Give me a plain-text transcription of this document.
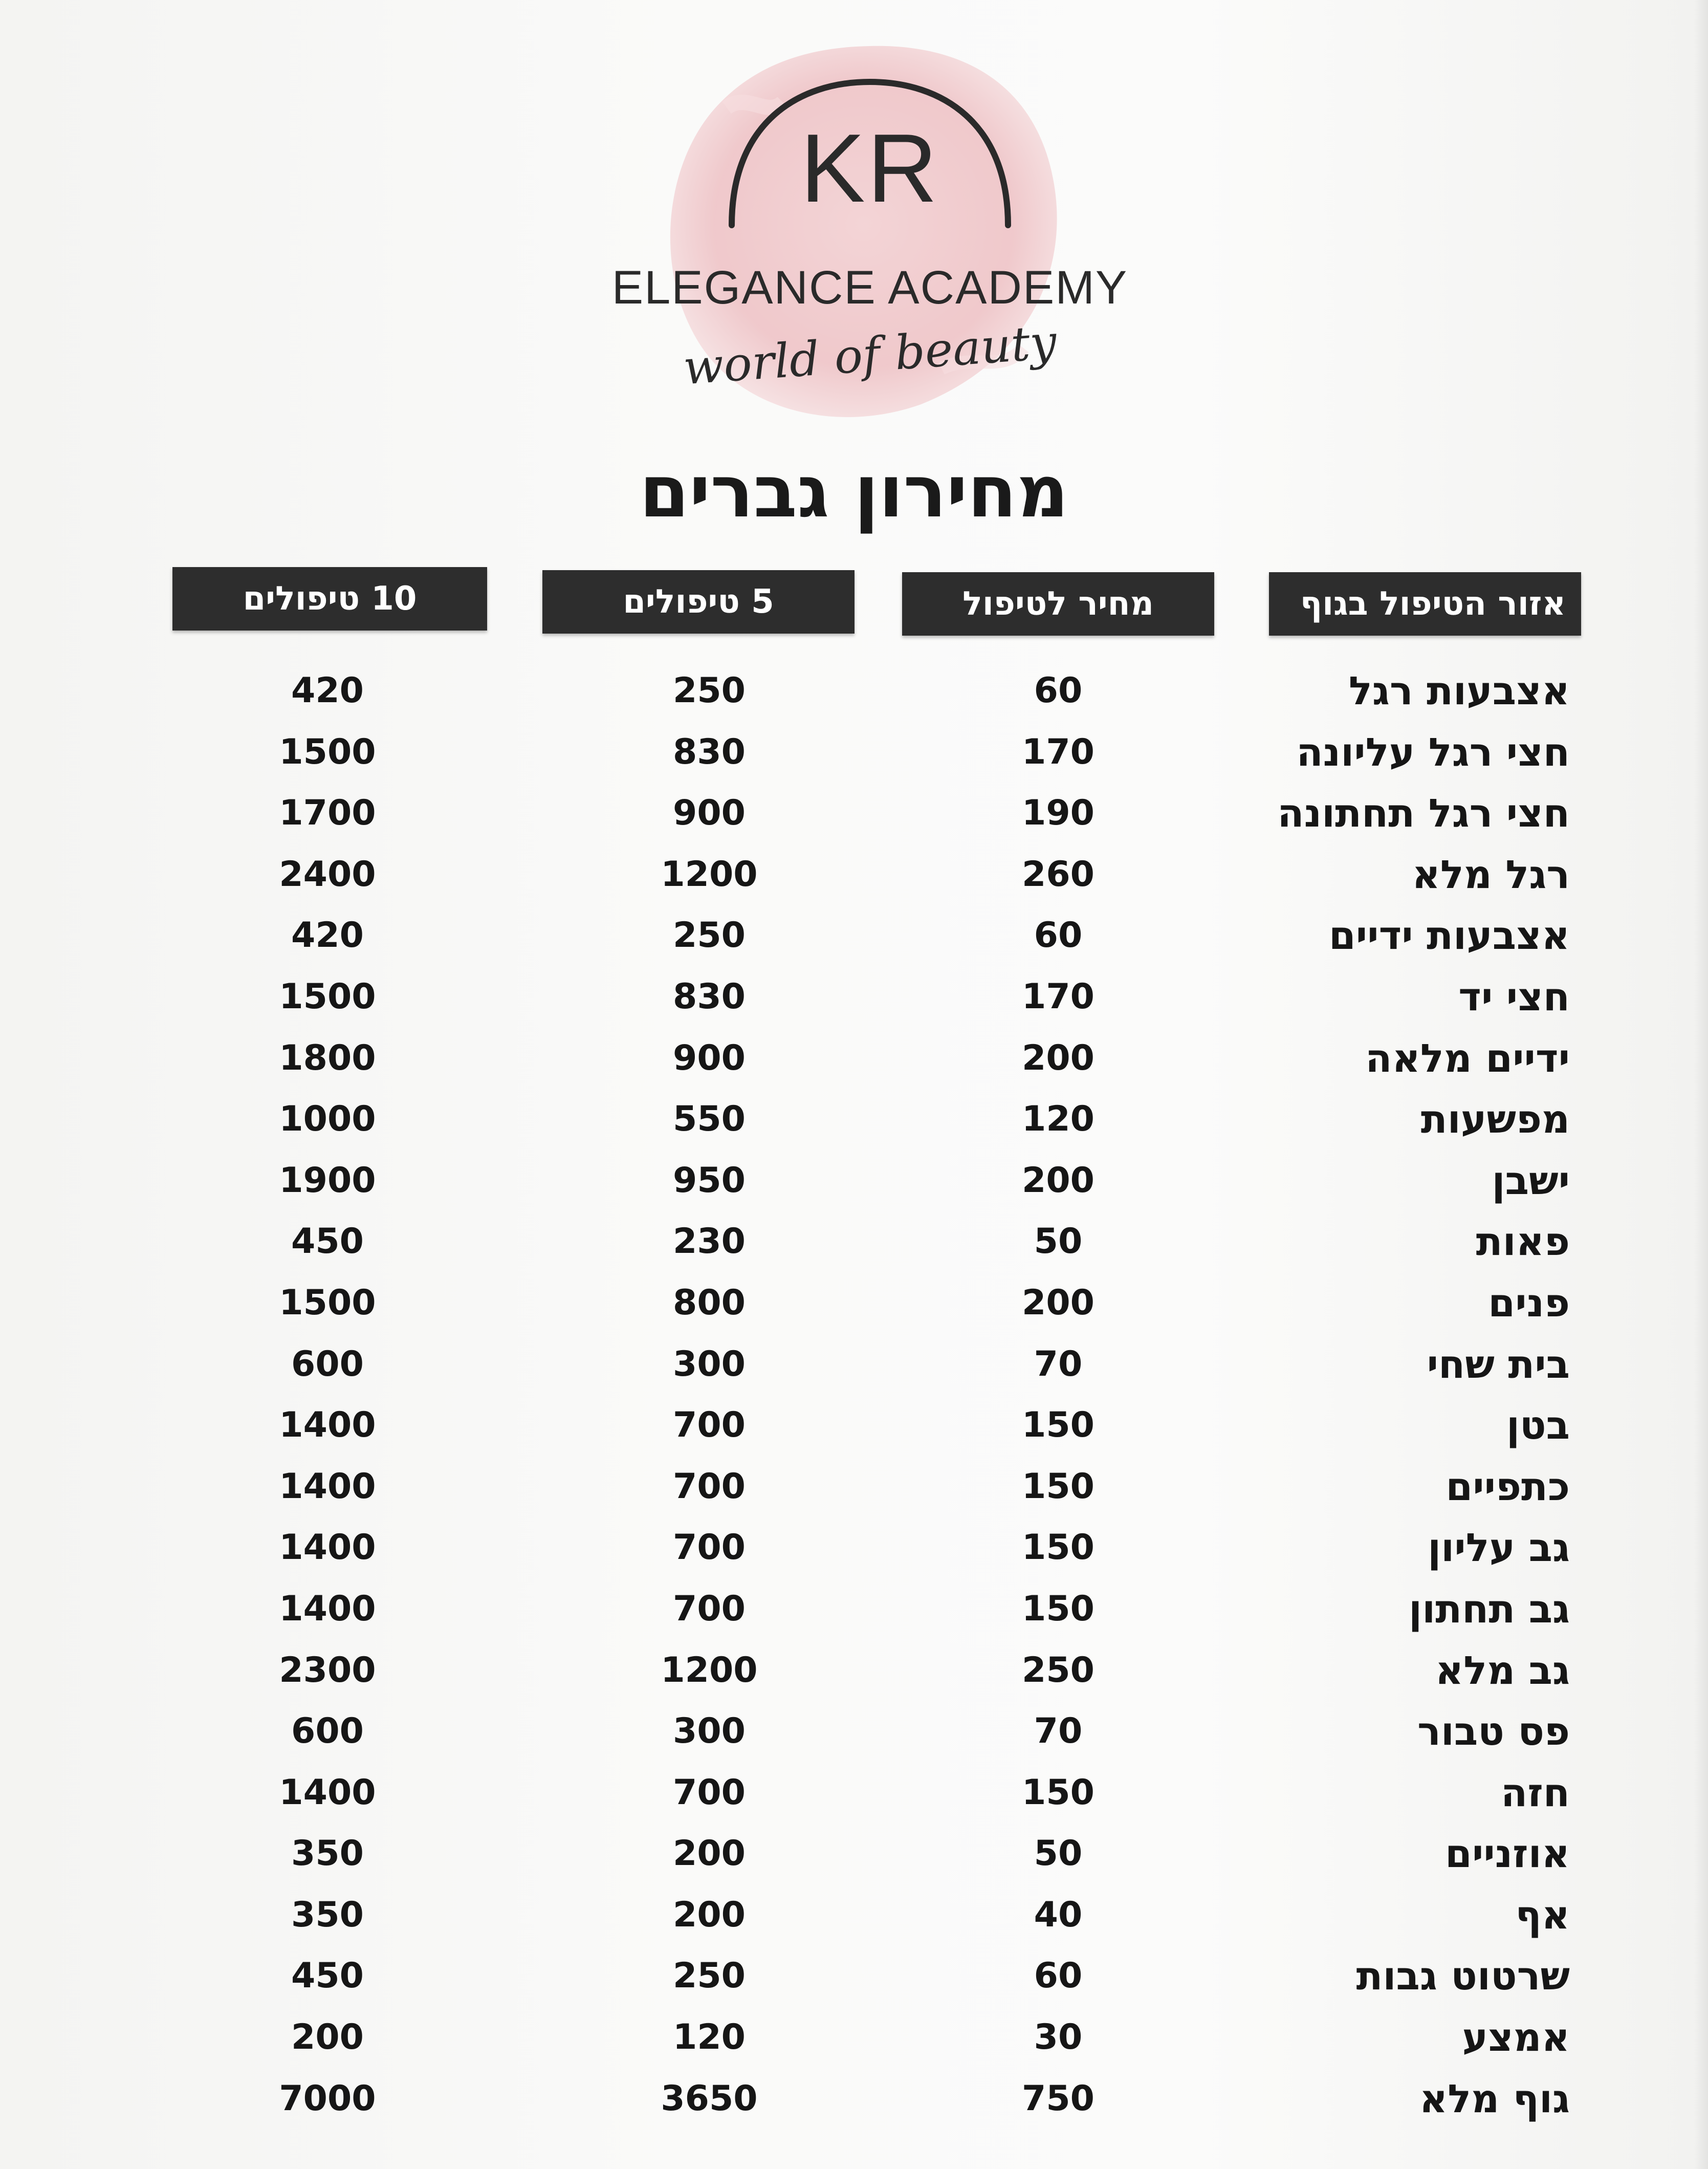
KR
ELEGANCE ACADEMY
world of beauty
מחירון גברים
אזור הטיפול בגוף
מחיר לטיפול
5 טיפולים
10 טיפולים
אצבעות רגל
60
250
420
חצי רגל עליונה
170
830
1500
חצי רגל תחתונה
190
900
1700
רגל מלא
260
1200
2400
אצבעות ידיים
60
250
420
חצי יד
170
830
1500
ידיים מלאה
200
900
1800
מפשעות
120
550
1000
ישבן
200
950
1900
פאות
50
230
450
פנים
200
800
1500
בית שחי
70
300
600
בטן
150
700
1400
כתפיים
150
700
1400
גב עליון
150
700
1400
גב תחתון
150
700
1400
גב מלא
250
1200
2300
פס טבור
70
300
600
חזה
150
700
1400
אוזניים
50
200
350
אף
40
200
350
שרטוט גבות
60
250
450
אמצע
30
120
200
גוף מלא
750
3650
7000
